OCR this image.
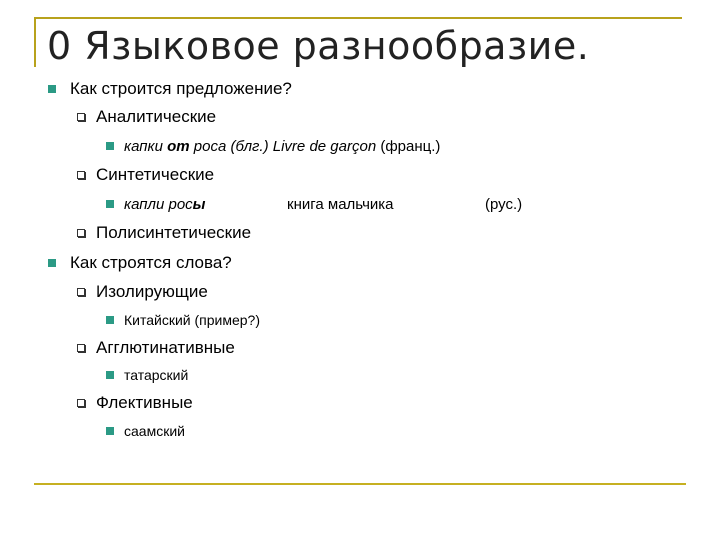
0 Языковое разнообразие.
Как строится предложение?
Аналитические
капки от роса (блг.) Livre de garçon (франц.)
Синтетические
капли росы	книга мальчика	(рус.)
Полисинтетические
Как строятся слова?
Изолирующие
Китайский (пример?)
Агглютинативные
татарский
Флективные
саамский
